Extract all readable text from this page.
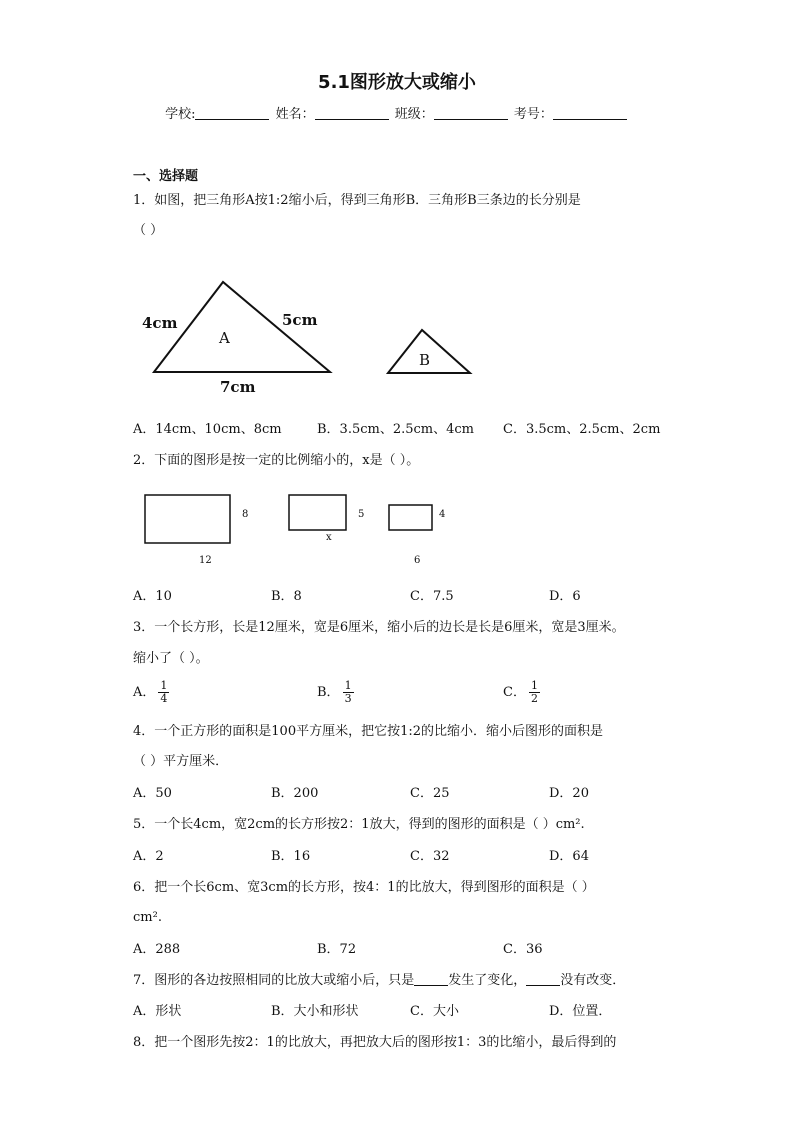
5.1图形放大或缩小
学校:	姓名：	班级：	考号：
一、选择题
1．如图，把三角形A按1:2缩小后，得到三角形B．三角形B三条边的长分别是
（ ）
4cm	5cm
7cm
A
B
A．14cm、10cm、8cm	B．3.5cm、2.5cm、4cm C．3.5cm、2.5cm、2cm
2．下面的图形是按一定的比例缩小的，x是（ ）。
8
12
5
x
4
6
A．10	B．8	C．7.5	D．6
3．一个长方形，长是12厘米，宽是6厘米，缩小后的边长是长是6厘米，宽是3厘米。
缩小了（ ）。
A． $\frac{1}{4}$	B． $\frac{1}{3}$	C． $\frac{1}{2}$
4．一个正方形的面积是100平方厘米，把它按1:2的比缩小．缩小后图形的面积是
（ ）平方厘米．
A．50	B．200	C．25	D．20
5．一个长4cm，宽2cm的长方形按2：1放大，得到的图形的面积是（ ）cm².
A．2	B．16	C．32	D．64
6．把一个长6cm、宽3cm的长方形，按4：1的比放大，得到图形的面积是（ ）
cm².
A．288	B．72	C．36
7．图形的各边按照相同的比放大或缩小后，只是	发生了变化，	没有改变．
A．形状	B．大小和形状	C．大小	D．位置．
8．把一个图形先按2：1的比放大，再把放大后的图形按1：3的比缩小，最后得到的
